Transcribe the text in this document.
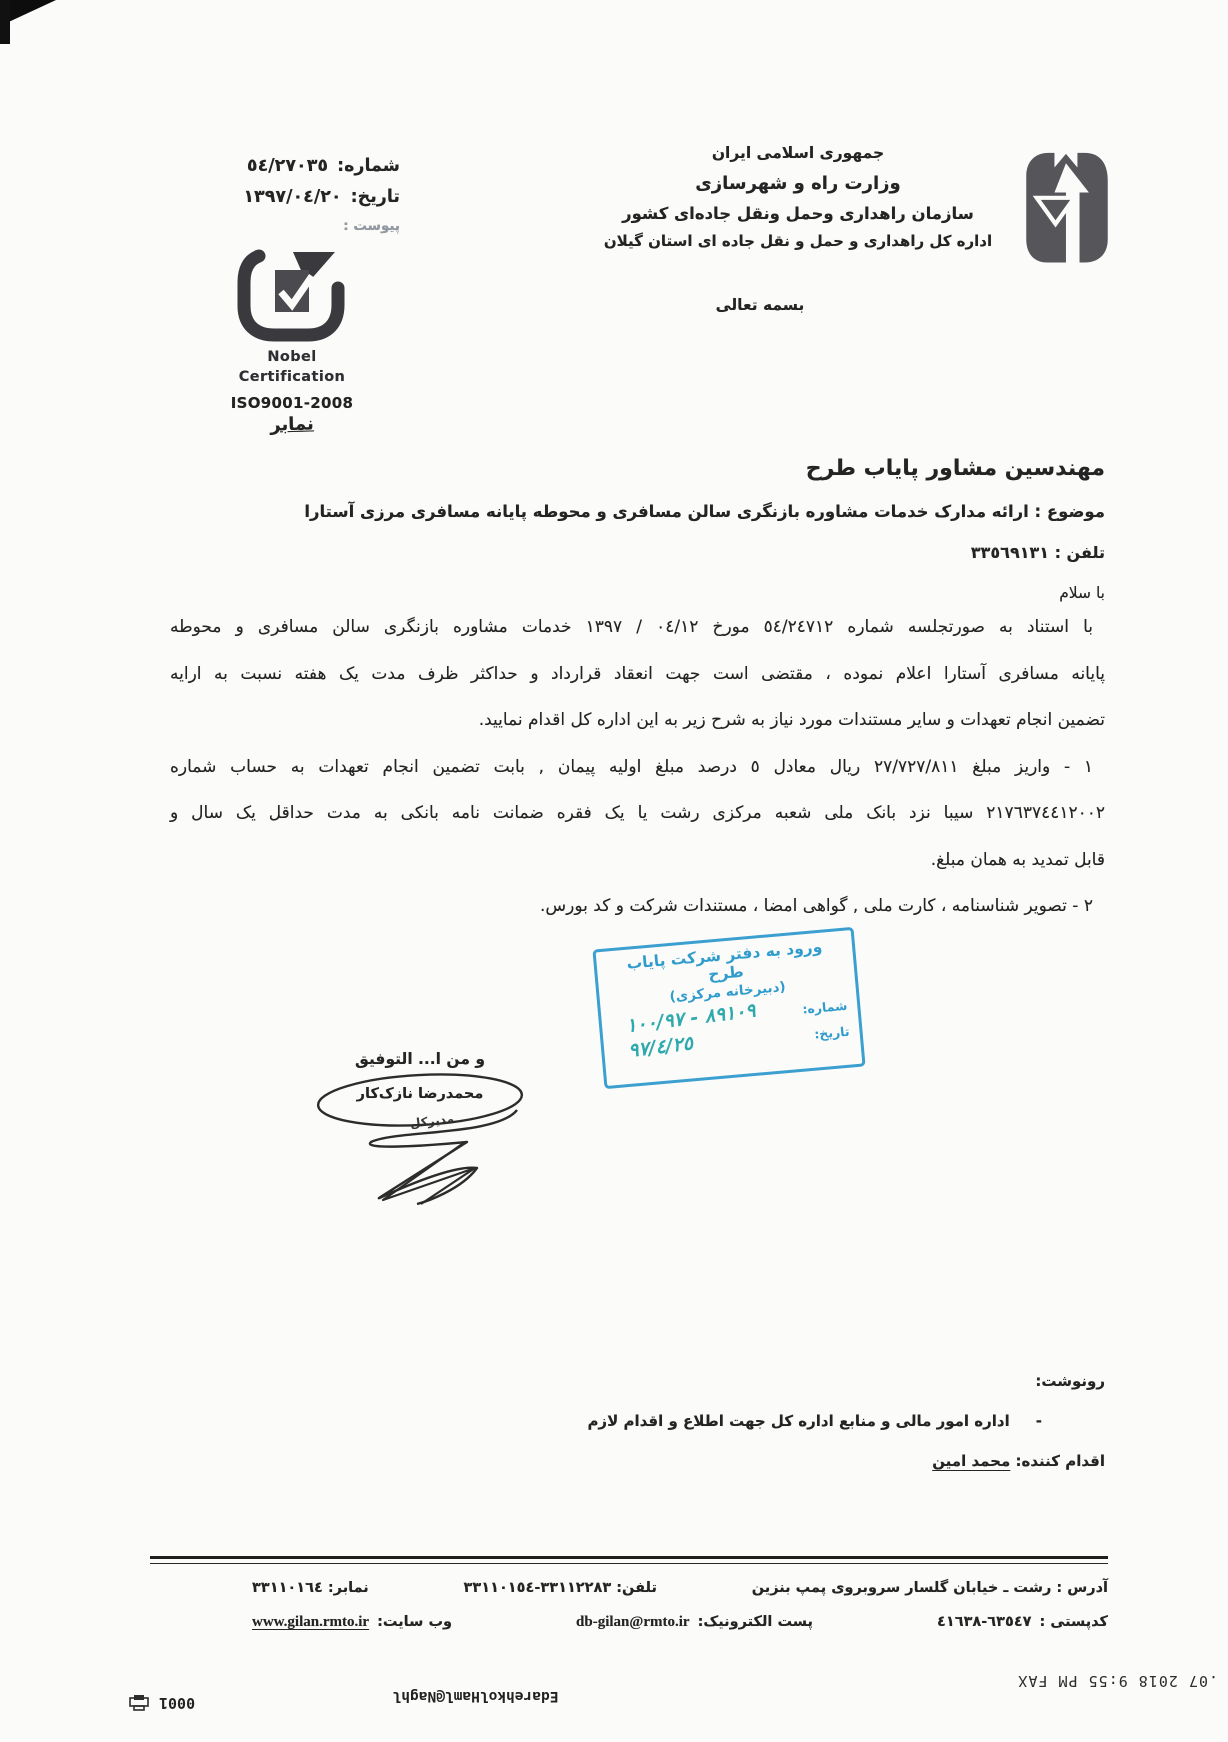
شماره:٥٤/٢٧٠٣٥
تاریخ:١٣٩٧/٠٤/٢٠
پیوست :
جمهوری اسلامی ایران
وزارت راه و شهرسازی
سازمان راهداری وحمل ونقل جاده‌ای کشور
اداره کل راهداری و حمل و نقل جاده ای استان گیلان
بسمه تعالی
Nobel
Certification
ISO9001-2008
نمابر
مهندسین مشاور پایاب طرح
موضوع : ارائه مدارک خدمات مشاوره بازنگری سالن مسافری و محوطه پایانه مسافری مرزی آستارا
تلفن : ٣٣٥٦٩١٣١
با سلام
با استناد به صورتجلسه شماره ٥٤/٢٤٧١٢ مورخ ٠٤/١٢ / ١٣٩٧ خدمات مشاوره بازنگری سالن مسافری و محوطه
پایانه مسافری آستارا اعلام نموده ، مقتضی است جهت انعقاد قرارداد و حداکثر ظرف مدت یک هفته نسبت به ارایه
تضمین انجام تعهدات و سایر مستندات مورد نیاز به شرح زیر به این اداره کل اقدام نمایید.
١ - واریز مبلغ ٢٧/٧٢٧/٨١١ ریال معادل ٥ درصد مبلغ اولیه پیمان , بابت تضمین انجام تعهدات به حساب شماره
٢١٧٦٣٧٤٤١٢٠٠٢ سیبا نزد بانک ملی شعبه مرکزی رشت یا یک فقره ضمانت نامه بانکی به مدت حداقل یک سال و
قابل تمدید به همان مبلغ.
٢ - تصویر شناسنامه ، کارت ملی , گواهی امضا ، مستندات شرکت و کد بورس.
ورود به دفتر شرکت پایاب طرح
(دبیرخانه مرکزی)
شماره:
٨٩١٠٩ - ١٠٠/٩٧
تاریخ:
٩٧/٤/٢٥
و من ا... التوفیق
محمدرضا نازک‌کار
مدیرکل
رونوشت:
-
اداره امور مالی و منابع اداره کل جهت اطلاع و اقدام لازم
اقدام کننده: محمد امین
آدرس : رشت ـ خیابان گلسار سروبروی پمپ بنزین
تلفن: ٣٣١١٢٢٨٣-٣٣١١٠١٥٤
نمابر: ٣٣١١٠١٦٤
کدپستی :٤١٦٣٨-٦٣٥٤٧
پست الکترونیک:db-gilan@rmto.ir
وب سایت:www.gilan.rmto.ir
.07 2018 9:55 PM FAX
EdarehkolHaml@Naghl
0001
